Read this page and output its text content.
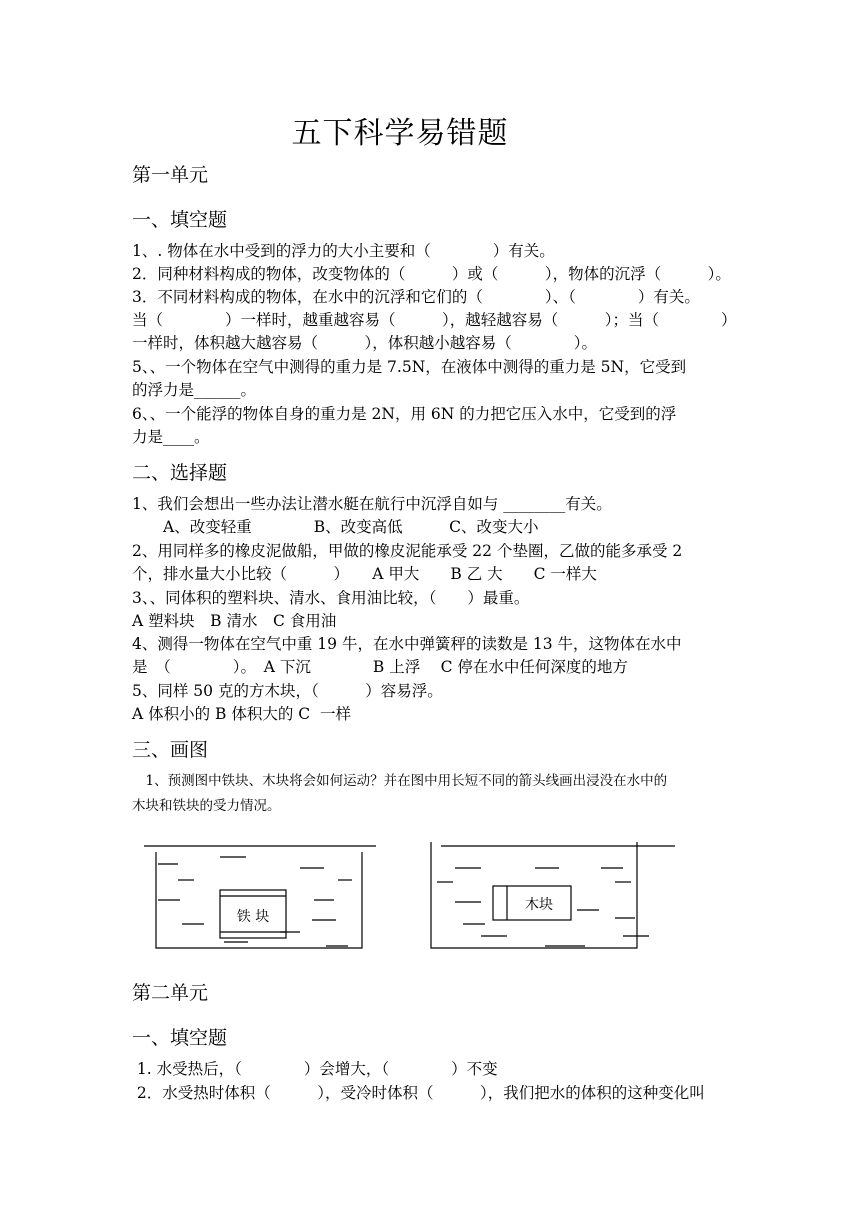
五下科学易错题
第一单元
一、填空题
1、. 物体在水中受到的浮力的大小主要和（　　　　）有关。
2．同种材料构成的物体，改变物体的（　　　）或（　　　），物体的沉浮（　　　）。
3．不同材料构成的物体，在水中的沉浮和它们的（　　　　）、（　　　　）有关。
当（　　　　）一样时，越重越容易（　　　），越轻越容易（　　　）；当（　　　　）
一样时，体积越大越容易（　　　），体积越小越容易（　　　　）。
5、、一个物体在空气中测得的重力是 7.5N，在液体中测得的重力是 5N，它受到
的浮力是______。
6、、一个能浮的物体自身的重力是 2N，用 6N 的力把它压入水中，它受到的浮
力是____。
二、选择题
1、我们会想出一些办法让潜水艇在航行中沉浮自如与 ________有关。
　　A、改变轻重　　　　B、改变高低　　　C、改变大小
2、用同样多的橡皮泥做船，甲做的橡皮泥能承受 22 个垫圈，乙做的能多承受 2
个，排水量大小比较（　　　）　　A 甲大　　B 乙 大　　C 一样大
3、、同体积的塑料块、清水、食用油比较，（　　）最重。
A 塑料块　B 清水　C 食用油
4、测得一物体在空气中重 19 牛，在水中弹簧秤的读数是 13 牛，这物体在水中
是　（　　　　）。　A 下沉　　　　B 上浮　 C 停在水中任何深度的地方
5、同样 50 克的方木块，（　　　）容易浮。
A 体积小的 B 体积大的 C  一样
三、画图
　1、预测图中铁块、木块将会如何运动？并在图中用长短不同的箭头线画出浸没在水中的
木块和铁块的受力情况。
铁 块
木块
第二单元
一、填空题
1. 水受热后，（　　　　）会增大，（　　　　）不变
2．水受热时体积（　　　），受冷时体积（　　　），我们把水的体积的这种变化叫
